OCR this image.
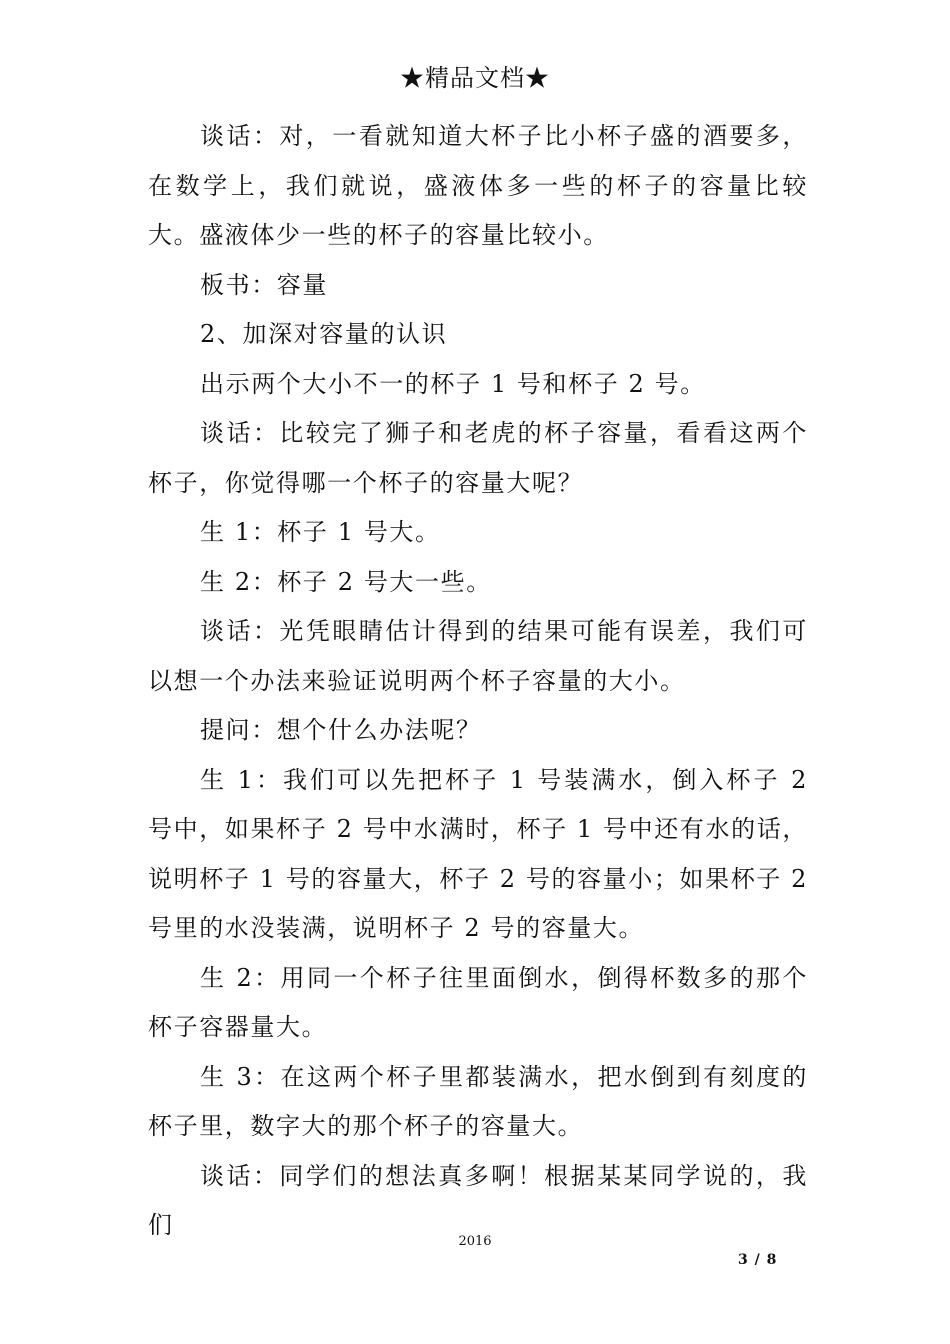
★精品文档★

谈话：对，一看就知道大杯子比小杯子盛的酒要多，在数学上，我们就说，盛液体多一些的杯子的容量比较大。盛液体少一些的杯子的容量比较小。

板书：容量

2、加深对容量的认识

出示两个大小不一的杯子 1 号和杯子 2 号。

谈话：比较完了狮子和老虎的杯子容量，看看这两个杯子，你觉得哪一个杯子的容量大呢？

生 1：杯子 1 号大。

生 2：杯子 2 号大一些。

谈话：光凭眼睛估计得到的结果可能有误差，我们可以想一个办法来验证说明两个杯子容量的大小。

提问：想个什么办法呢？

生 1：我们可以先把杯子 1 号装满水，倒入杯子 2 号中，如果杯子 2 号中水满时，杯子 1 号中还有水的话，说明杯子 1 号的容量大，杯子 2 号的容量小；如果杯子 2 号里的水没装满，说明杯子 2 号的容量大。

生 2：用同一个杯子往里面倒水，倒得杯数多的那个杯子容器量大。

生 3：在这两个杯子里都装满水，把水倒到有刻度的杯子里，数字大的那个杯子的容量大。

谈话：同学们的想法真多啊！根据某某同学说的，我们

2016
3 / 8
